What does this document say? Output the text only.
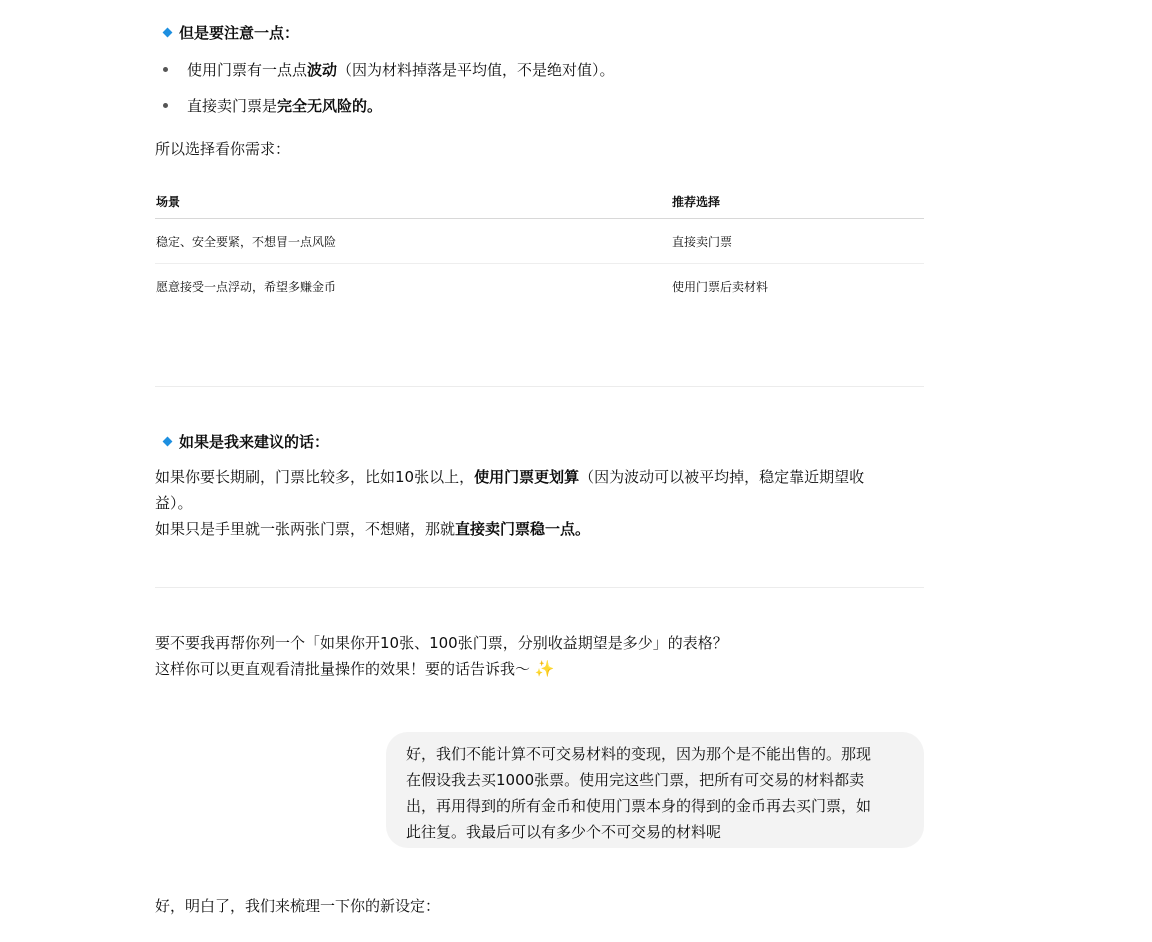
但是要注意一点：
使用门票有一点点波动（因为材料掉落是平均值，不是绝对值）。
直接卖门票是完全无风险的。
所以选择看你需求：
场景	推荐选择
稳定、安全要紧，不想冒一点风险	直接卖门票
愿意接受一点浮动，希望多赚金币	使用门票后卖材料
如果是我来建议的话：
如果你要长期刷，门票比较多，比如10张以上，使用门票更划算（因为波动可以被平均掉，稳定靠近期望收
益）。
如果只是手里就一张两张门票，不想赌，那就直接卖门票稳一点。
要不要我再帮你列一个「如果你开10张、100张门票，分别收益期望是多少」的表格？
这样你可以更直观看清批量操作的效果！要的话告诉我～ ✨
好，我们不能计算不可交易材料的变现，因为那个是不能出售的。那现
在假设我去买1000张票。使用完这些门票，把所有可交易的材料都卖
出，再用得到的所有金币和使用门票本身的得到的金币再去买门票，如
此往复。我最后可以有多少个不可交易的材料呢
好，明白了，我们来梳理一下你的新设定：
